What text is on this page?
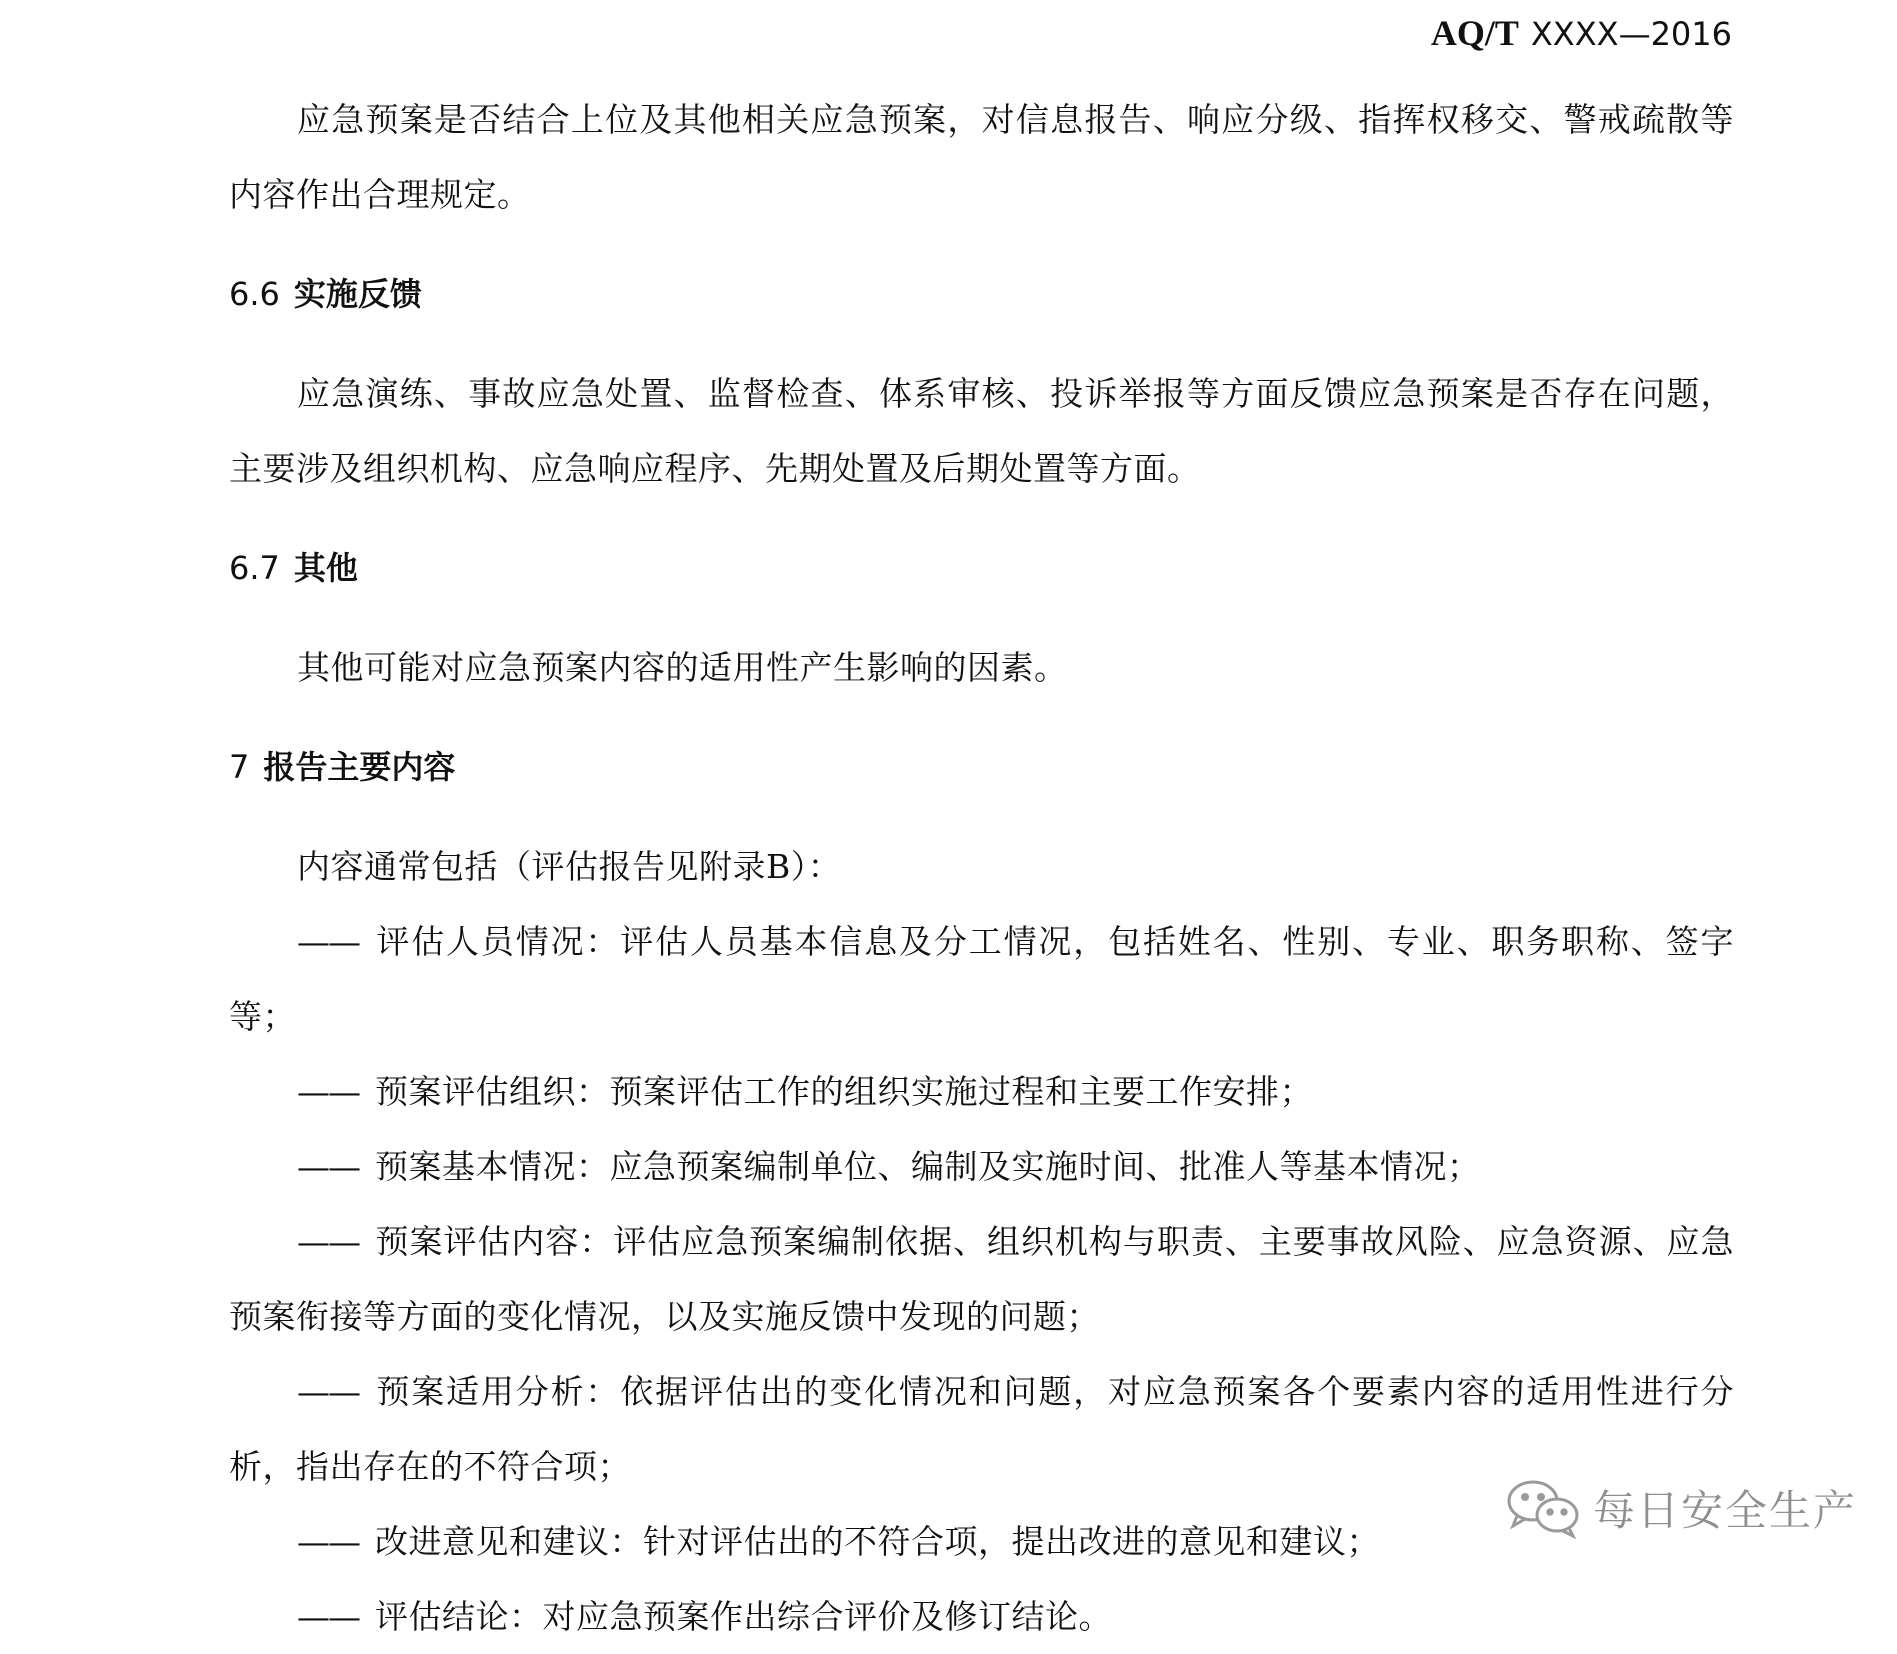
AQ/T XXXX—2016

应急预案是否结合上位及其他相关应急预案，对信息报告、响应分级、指挥权移交、警戒疏散等内容作出合理规定。

6.6 实施反馈

应急演练、事故应急处置、监督检查、体系审核、投诉举报等方面反馈应急预案是否存在问题，主要涉及组织机构、应急响应程序、先期处置及后期处置等方面。

6.7 其他

其他可能对应急预案内容的适用性产生影响的因素。

7 报告主要内容

内容通常包括（评估报告见附录B）：

—— 评估人员情况：评估人员基本信息及分工情况，包括姓名、性别、专业、职务职称、签字等；

—— 预案评估组织：预案评估工作的组织实施过程和主要工作安排；

—— 预案基本情况：应急预案编制单位、编制及实施时间、批准人等基本情况；

—— 预案评估内容：评估应急预案编制依据、组织机构与职责、主要事故风险、应急资源、应急预案衔接等方面的变化情况，以及实施反馈中发现的问题；

—— 预案适用分析：依据评估出的变化情况和问题，对应急预案各个要素内容的适用性进行分析，指出存在的不符合项；

—— 改进意见和建议：针对评估出的不符合项，提出改进的意见和建议；

—— 评估结论：对应急预案作出综合评价及修订结论。

每日安全生产
